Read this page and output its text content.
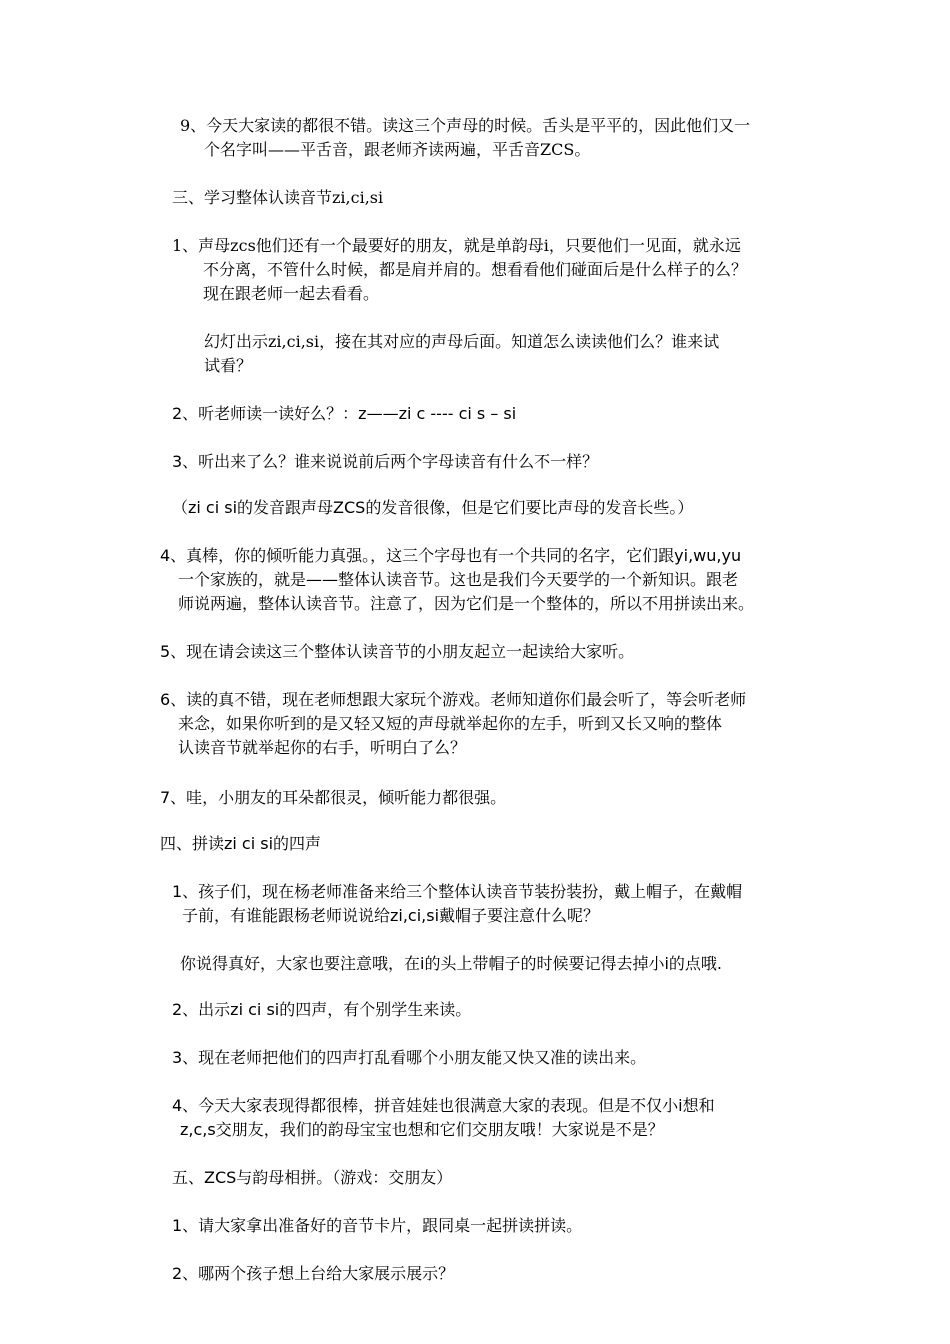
9、今天大家读的都很不错。读这三个声母的时候。舌头是平平的，因此他们又一
个名字叫——平舌音，跟老师齐读两遍，平舌音ZCS。
三、学习整体认读音节zi,ci,si
1、声母zcs他们还有一个最要好的朋友，就是单韵母i，只要他们一见面，就永远
不分离，不管什么时候，都是肩并肩的。想看看他们碰面后是什么样子的么？
现在跟老师一起去看看。
幻灯出示zi,ci,si，接在其对应的声母后面。知道怎么读读他们么？谁来试
试看？
2、听老师读一读好么？：z——zi c ---- ci s – si
3、听出来了么？谁来说说前后两个字母读音有什么不一样？
（zi ci si的发音跟声母ZCS的发音很像，但是它们要比声母的发音长些。）
4、真棒，你的倾听能力真强。，这三个字母也有一个共同的名字，它们跟yi,wu,yu
一个家族的，就是——整体认读音节。这也是我们今天要学的一个新知识。跟老
师说两遍，整体认读音节。注意了，因为它们是一个整体的，所以不用拼读出来。
5、现在请会读这三个整体认读音节的小朋友起立一起读给大家听。
6、读的真不错，现在老师想跟大家玩个游戏。老师知道你们最会听了，等会听老师
来念，如果你听到的是又轻又短的声母就举起你的左手，听到又长又响的整体
认读音节就举起你的右手，听明白了么？
7、哇，小朋友的耳朵都很灵，倾听能力都很强。
四、拼读zi ci si的四声
1、孩子们，现在杨老师准备来给三个整体认读音节装扮装扮，戴上帽子，在戴帽
子前，有谁能跟杨老师说说给zi,ci,si戴帽子要注意什么呢？
你说得真好，大家也要注意哦，在i的头上带帽子的时候要记得去掉小i的点哦.
2、出示zi ci si的四声，有个别学生来读。
3、现在老师把他们的四声打乱看哪个小朋友能又快又准的读出来。
4、今天大家表现得都很棒，拼音娃娃也很满意大家的表现。但是不仅小i想和
z,c,s交朋友，我们的韵母宝宝也想和它们交朋友哦！大家说是不是？
五、ZCS与韵母相拼。（游戏：交朋友）
1、请大家拿出准备好的音节卡片，跟同桌一起拼读拼读。
2、哪两个孩子想上台给大家展示展示？
